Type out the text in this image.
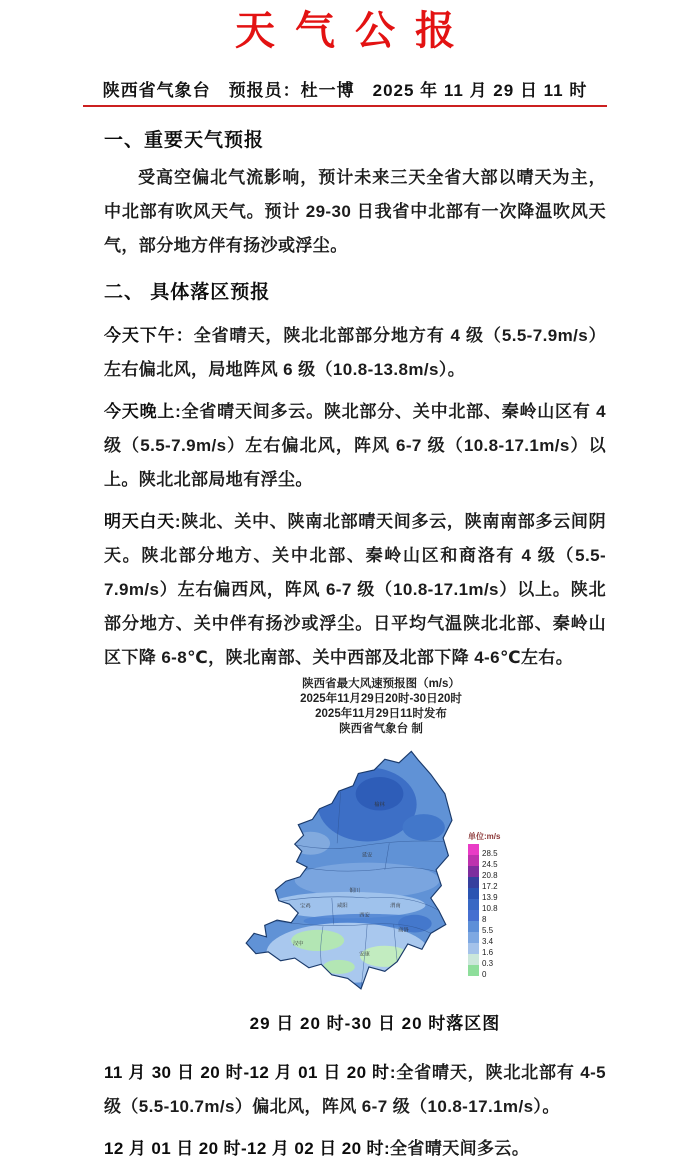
天气公报
陕西省气象台　预报员：杜一博　2025 年 11 月 29 日 11 时
一、重要天气预报

受高空偏北气流影响，预计未来三天全省大部以晴天为主，中北部有吹风天气。预计 29-30 日我省中北部有一次降温吹风天气，部分地方伴有扬沙或浮尘。

二、 具体落区预报

今天下午：全省晴天，陕北北部部分地方有 4 级（5.5-7.9m/s）左右偏北风，局地阵风 6 级（10.8-13.8m/s）。

今天晚上:全省晴天间多云。陕北部分、关中北部、秦岭山区有 4 级（5.5-7.9m/s）左右偏北风，阵风 6-7 级（10.8-17.1m/s）以上。陕北北部局地有浮尘。

明天白天:陕北、关中、陕南北部晴天间多云，陕南南部多云间阴天。陕北部分地方、关中北部、秦岭山区和商洛有 4 级（5.5-7.9m/s）左右偏西风，阵风 6-7 级（10.8-17.1m/s）以上。陕北部分地方、关中伴有扬沙或浮尘。日平均气温陕北北部、秦岭山区下降 6-8℃，陕北南部、关中西部及北部下降 4-6℃左右。

陕西省最大风速预报图（m/s）
2025年11月29日20时-30日20时
2025年11月29日11时发布
陕西省气象台 制
榆林
延安
铜川
渭南
咸阳
西安
宝鸡
汉中
安康
商洛
单位:m/s
28.5
24.5
20.8
17.2
13.9
10.8
8
5.5
3.4
1.6
0.3
0
29 日 20 时-30 日 20 时落区图

11 月 30 日 20 时-12 月 01 日 20 时:全省晴天，陕北北部有 4-5 级（5.5-10.7m/s）偏北风，阵风 6-7 级（10.8-17.1m/s）。

12 月 01 日 20 时-12 月 02 日 20 时:全省晴天间多云。
